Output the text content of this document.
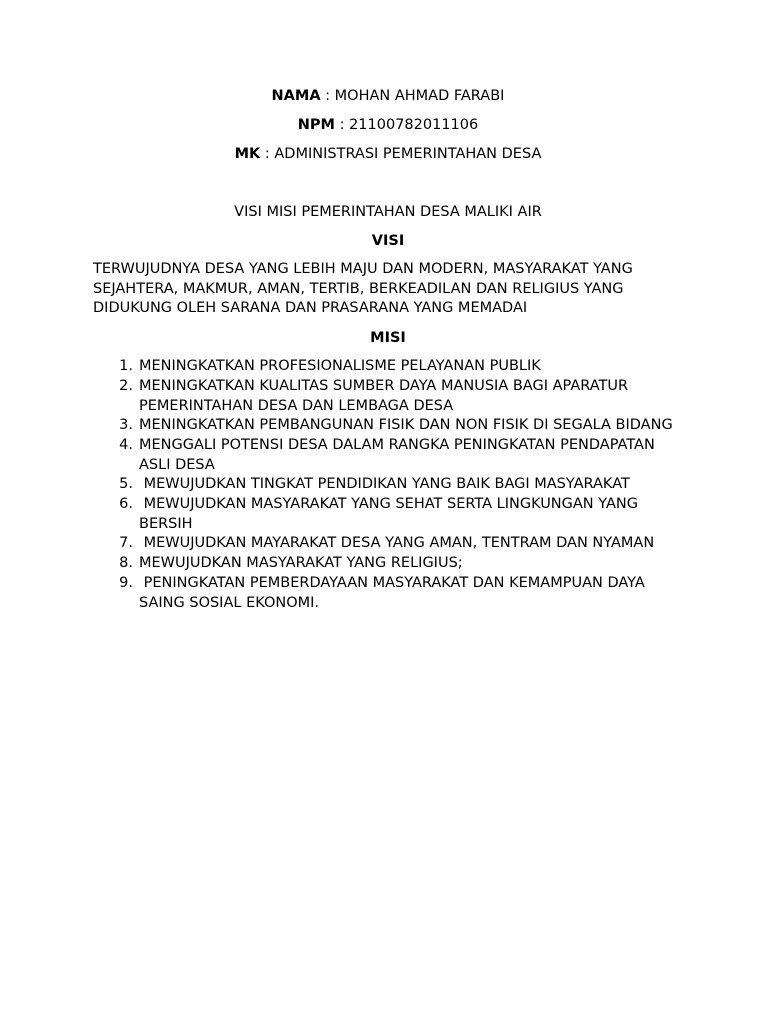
NAMA : MOHAN AHMAD FARABI
NPM : 21100782011106
MK : ADMINISTRASI PEMERINTAHAN DESA
VISI MISI PEMERINTAHAN DESA MALIKI AIR
VISI
TERWUJUDNYA DESA YANG LEBIH MAJU DAN MODERN, MASYARAKAT YANG SEJAHTERA, MAKMUR, AMAN, TERTIB, BERKEADILAN DAN RELIGIUS YANG DIDUKUNG OLEH SARANA DAN PRASARANA YANG MEMADAI
MISI
1. MENINGKATKAN PROFESIONALISME PELAYANAN PUBLIK
2. MENINGKATKAN KUALITAS SUMBER DAYA MANUSIA BAGI APARATUR PEMERINTAHAN DESA DAN LEMBAGA DESA
3. MENINGKATKAN PEMBANGUNAN FISIK DAN NON FISIK DI SEGALA BIDANG
4. MENGGALI POTENSI DESA DALAM RANGKA PENINGKATAN PENDAPATAN ASLI DESA
5. MEWUJUDKAN TINGKAT PENDIDIKAN YANG BAIK BAGI MASYARAKAT
6. MEWUJUDKAN MASYARAKAT YANG SEHAT SERTA LINGKUNGAN YANG BERSIH
7. MEWUJUDKAN MAYARAKAT DESA YANG AMAN, TENTRAM DAN NYAMAN
8. MEWUJUDKAN MASYARAKAT YANG RELIGIUS;
9. PENINGKATAN PEMBERDAYAAN MASYARAKAT DAN KEMAMPUAN DAYA SAING SOSIAL EKONOMI.
